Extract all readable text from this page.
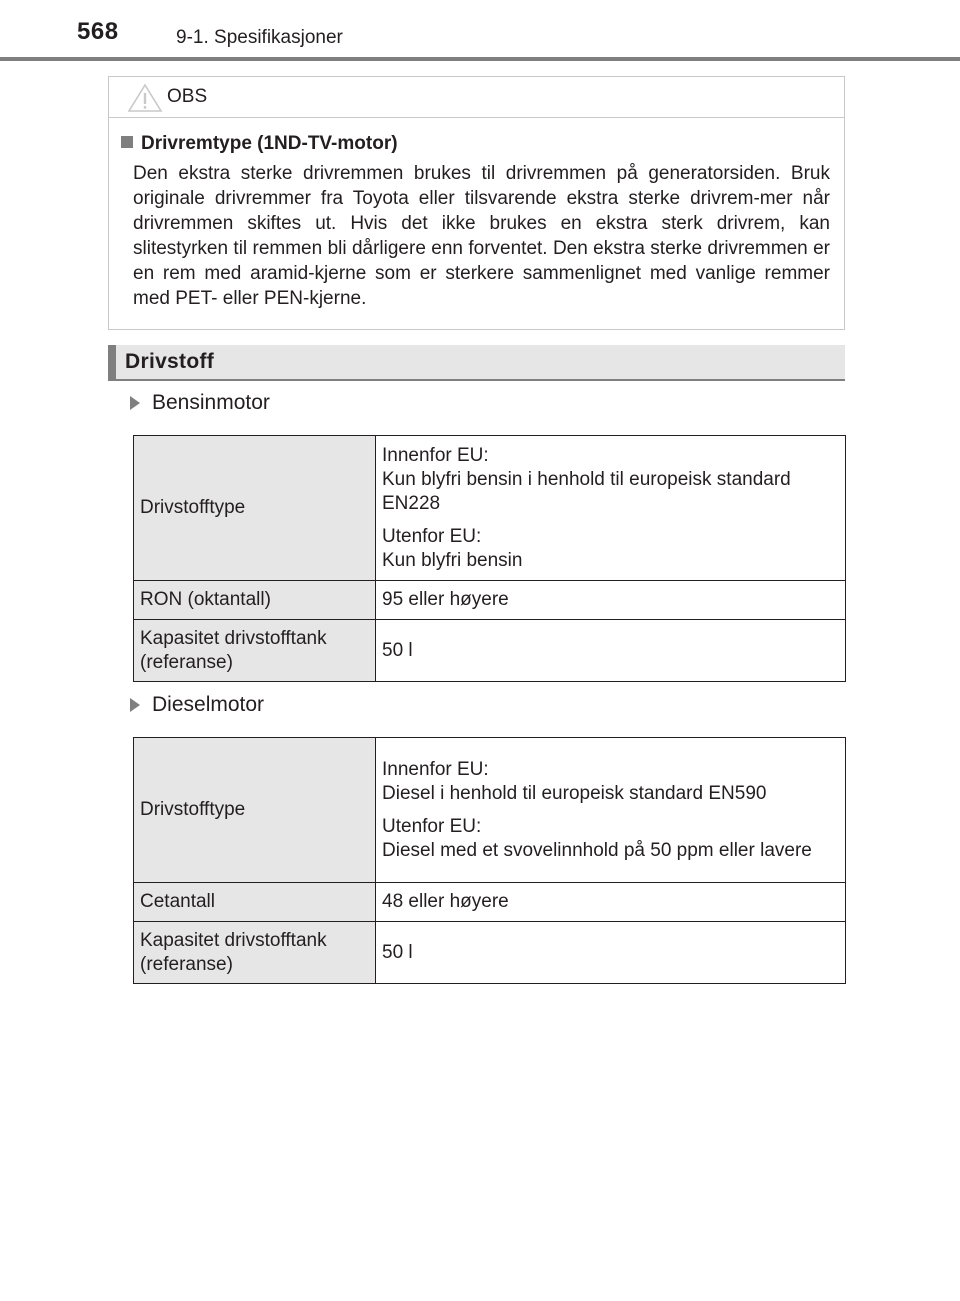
568	9-1. Spesifikasjoner
OBS
Drivremtype (1ND-TV-motor)
Den ekstra sterke drivremmen brukes til drivremmen på generatorsiden. Bruk originale drivremmer fra Toyota eller tilsvarende ekstra sterke drivrem-mer når drivremmen skiftes ut. Hvis det ikke brukes en ekstra sterk drivrem, kan slitestyrken til remmen bli dårligere enn forventet. Den ekstra sterke drivremmen er en rem med aramid-kjerne som er sterkere sammenlignet med vanlige remmer med PET- eller PEN-kjerne.
Drivstoff
Bensinmotor
Drivstofftype	Innenfor EU:
Kun blyfri bensin i henhold til europeisk standard EN228

Utenfor EU:
Kun blyfri bensin

RON (oktantall)	95 eller høyere
Kapasitet drivstofftank (referanse)	50 l
Dieselmotor
Drivstofftype	Innenfor EU:
Diesel i henhold til europeisk standard EN590

Utenfor EU:
Diesel med et svovelinnhold på 50 ppm eller lavere

Cetantall	48 eller høyere
Kapasitet drivstofftank (referanse)	50 l
